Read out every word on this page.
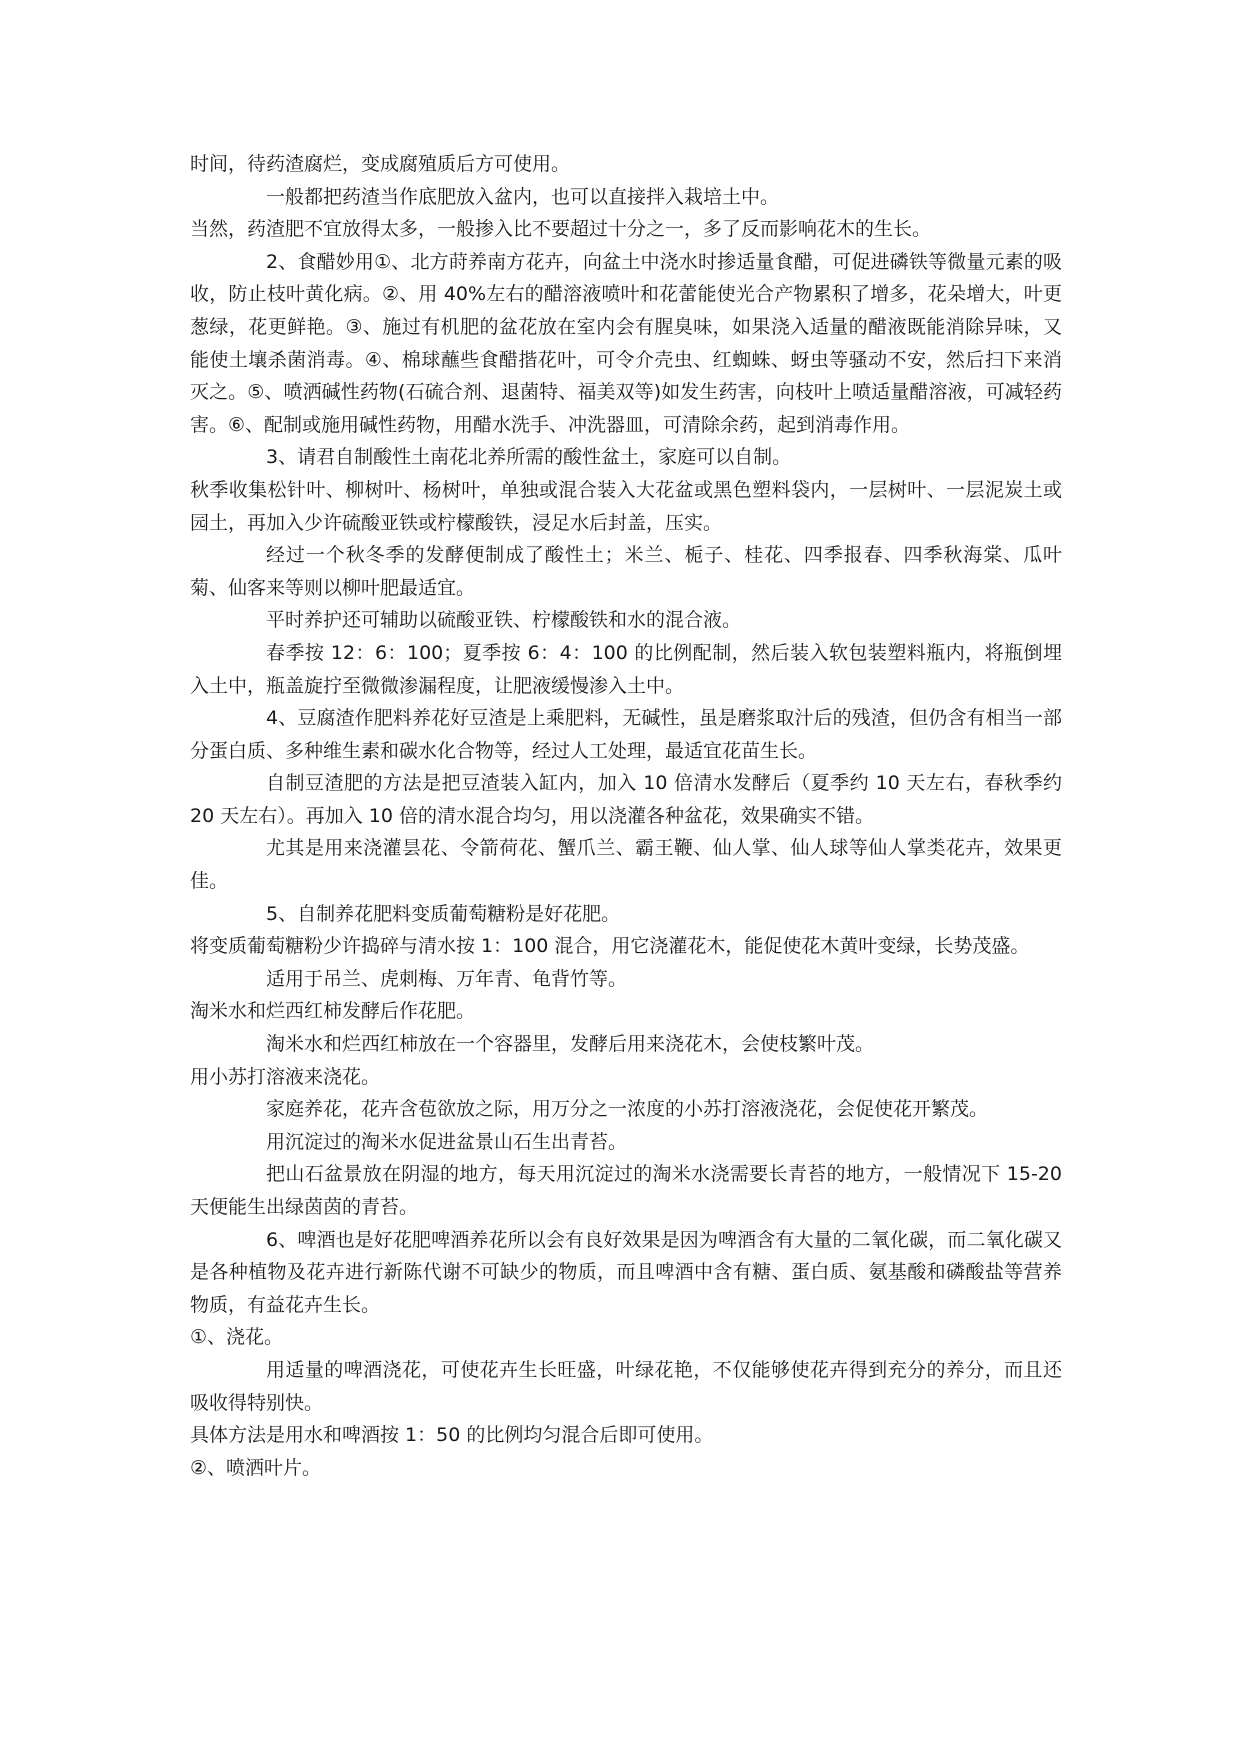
时间，待药渣腐烂，变成腐殖质后方可使用。

一般都把药渣当作底肥放入盆内，也可以直接拌入栽培土中。

当然，药渣肥不宜放得太多，一般掺入比不要超过十分之一，多了反而影响花木的生长。

2、食醋妙用①、北方莳养南方花卉，向盆土中浇水时掺适量食醋，可促进磷铁等微量元素的吸收，防止枝叶黄化病。②、用 40%左右的醋溶液喷叶和花蕾能使光合产物累积了增多，花朵增大，叶更葱绿，花更鲜艳。③、施过有机肥的盆花放在室内会有腥臭味，如果浇入适量的醋液既能消除异味，又能使土壤杀菌消毒。④、棉球蘸些食醋揩花叶，可令介壳虫、红蜘蛛、蚜虫等骚动不安，然后扫下来消灭之。⑤、喷洒碱性药物(石硫合剂、退菌特、福美双等)如发生药害，向枝叶上喷适量醋溶液，可减轻药害。⑥、配制或施用碱性药物，用醋水洗手、冲洗器皿，可清除余药，起到消毒作用。

3、请君自制酸性土南花北养所需的酸性盆土，家庭可以自制。

秋季收集松针叶、柳树叶、杨树叶，单独或混合装入大花盆或黑色塑料袋内，一层树叶、一层泥炭土或园土，再加入少许硫酸亚铁或柠檬酸铁，浸足水后封盖，压实。

经过一个秋冬季的发酵便制成了酸性土；米兰、栀子、桂花、四季报春、四季秋海棠、瓜叶菊、仙客来等则以柳叶肥最适宜。

平时养护还可辅助以硫酸亚铁、柠檬酸铁和水的混合液。

春季按 12：6：100；夏季按 6：4：100 的比例配制，然后装入软包装塑料瓶内，将瓶倒埋入土中，瓶盖旋拧至微微渗漏程度，让肥液缓慢渗入土中。

4、豆腐渣作肥料养花好豆渣是上乘肥料，无碱性，虽是磨浆取汁后的残渣，但仍含有相当一部分蛋白质、多种维生素和碳水化合物等，经过人工处理，最适宜花苗生长。

自制豆渣肥的方法是把豆渣装入缸内，加入 10 倍清水发酵后（夏季约 10 天左右，春秋季约 20 天左右）。再加入 10 倍的清水混合均匀，用以浇灌各种盆花，效果确实不错。

尤其是用来浇灌昙花、令箭荷花、蟹爪兰、霸王鞭、仙人掌、仙人球等仙人掌类花卉，效果更佳。

5、自制养花肥料变质葡萄糖粉是好花肥。

将变质葡萄糖粉少许捣碎与清水按 1：100 混合，用它浇灌花木，能促使花木黄叶变绿，长势茂盛。

适用于吊兰、虎刺梅、万年青、龟背竹等。

淘米水和烂西红柿发酵后作花肥。

淘米水和烂西红柿放在一个容器里，发酵后用来浇花木，会使枝繁叶茂。

用小苏打溶液来浇花。

家庭养花，花卉含苞欲放之际，用万分之一浓度的小苏打溶液浇花，会促使花开繁茂。

用沉淀过的淘米水促进盆景山石生出青苔。

把山石盆景放在阴湿的地方，每天用沉淀过的淘米水浇需要长青苔的地方，一般情况下 15-20 天便能生出绿茵茵的青苔。

6、啤酒也是好花肥啤酒养花所以会有良好效果是因为啤酒含有大量的二氧化碳，而二氧化碳又是各种植物及花卉进行新陈代谢不可缺少的物质，而且啤酒中含有糖、蛋白质、氨基酸和磷酸盐等营养物质，有益花卉生长。

①、浇花。

用适量的啤酒浇花，可使花卉生长旺盛，叶绿花艳，不仅能够使花卉得到充分的养分，而且还吸收得特别快。

具体方法是用水和啤酒按 1：50 的比例均匀混合后即可使用。

②、喷洒叶片。
